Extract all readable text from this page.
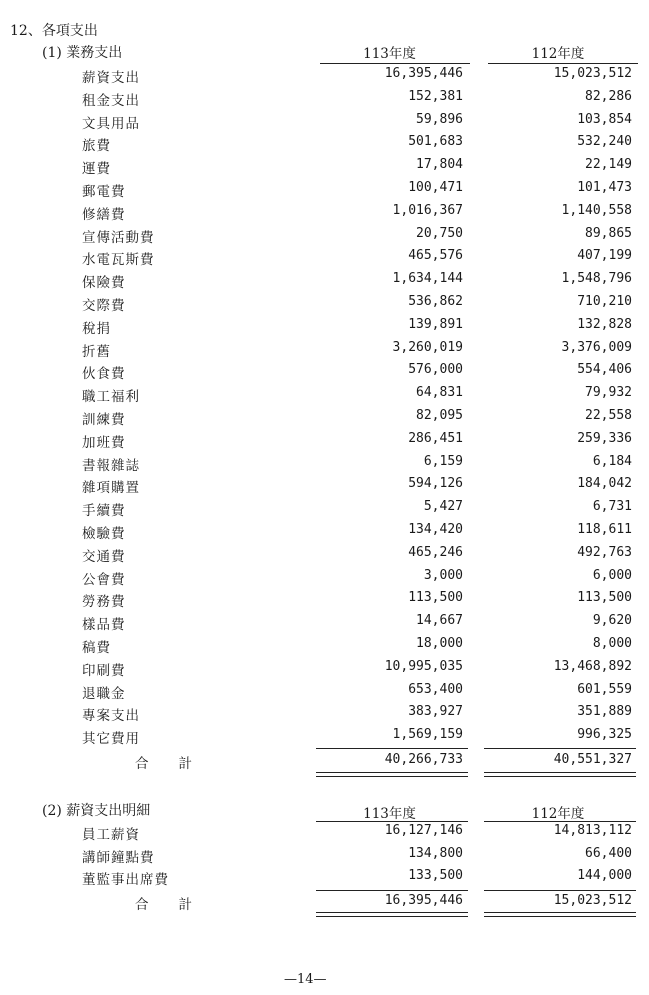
12、各項支出
(1) 業務支出	113年度	112年度
薪資支出	16,395,446	15,023,512
租金支出	152,381	82,286
文具用品	59,896	103,854
旅費	501,683	532,240
運費	17,804	22,149
郵電費	100,471	101,473
修繕費	1,016,367	1,140,558
宣傳活動費	20,750	89,865
水電瓦斯費	465,576	407,199
保險費	1,634,144	1,548,796
交際費	536,862	710,210
稅捐	139,891	132,828
折舊	3,260,019	3,376,009
伙食費	576,000	554,406
職工福利	64,831	79,932
訓練費	82,095	22,558
加班費	286,451	259,336
書報雜誌	6,159	6,184
雜項購置	594,126	184,042
手續費	5,427	6,731
檢驗費	134,420	118,611
交通費	465,246	492,763
公會費	3,000	6,000
勞務費	113,500	113,500
樣品費	14,667	9,620
稿費	18,000	8,000
印刷費	10,995,035	13,468,892
退職金	653,400	601,559
專案支出	383,927	351,889
其它費用	1,569,159	996,325
合　　計	40,266,733	40,551,327
(2) 薪資支出明細	113年度	112年度
員工薪資	16,127,146	14,813,112
講師鐘點費	134,800	66,400
董監事出席費	133,500	144,000
合　　計	16,395,446	15,023,512
—14—
